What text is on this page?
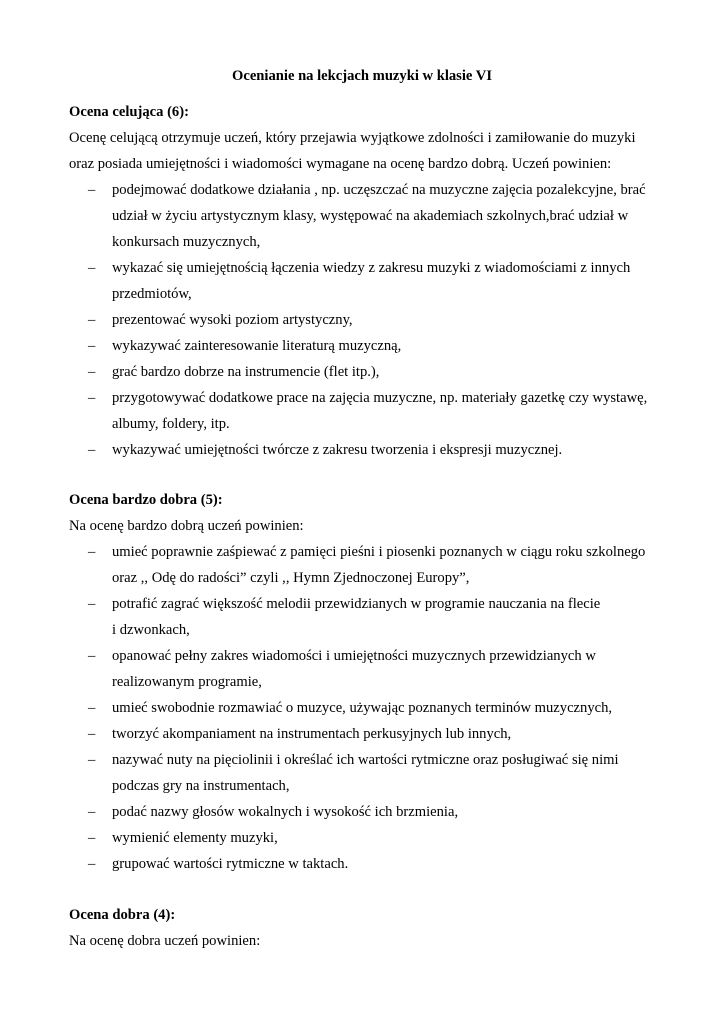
Ocenianie na lekcjach muzyki w klasie VI
Ocena celująca (6):
Ocenę celującą otrzymuje uczeń, który przejawia wyjątkowe zdolności i zamiłowanie do muzyki
oraz posiada umiejętności i wiadomości wymagane na ocenę bardzo dobrą. Uczeń powinien:
– podejmować dodatkowe działania , np. uczęszczać na muzyczne zajęcia pozalekcyjne, brać
udział w życiu artystycznym klasy, występować na akademiach szkolnych,brać udział w
konkursach muzycznych,
– wykazać się umiejętnością łączenia wiedzy z zakresu muzyki z wiadomościami z innych
przedmiotów,
– prezentować wysoki poziom artystyczny,
– wykazywać zainteresowanie literaturą muzyczną,
– grać bardzo dobrze na instrumencie (flet itp.),
– przygotowywać dodatkowe prace na zajęcia muzyczne, np. materiały gazetkę czy wystawę,
albumy, foldery, itp.
– wykazywać umiejętności twórcze z zakresu tworzenia i ekspresji muzycznej.
Ocena bardzo dobra (5):
Na ocenę bardzo dobrą uczeń powinien:
– umieć poprawnie zaśpiewać z pamięci pieśni i piosenki poznanych w ciągu roku szkolnego
oraz ,, Odę do radości” czyli ,, Hymn Zjednoczonej Europy”,
– potrafić zagrać większość melodii przewidzianych w programie nauczania na flecie
i dzwonkach,
– opanować pełny zakres wiadomości i umiejętności muzycznych przewidzianych w
realizowanym programie,
– umieć swobodnie rozmawiać o muzyce, używając poznanych terminów muzycznych,
– tworzyć akompaniament na instrumentach perkusyjnych lub innych,
– nazywać nuty na pięciolinii i określać ich wartości rytmiczne oraz posługiwać się nimi
podczas gry na instrumentach,
– podać nazwy głosów wokalnych i wysokość ich brzmienia,
– wymienić elementy muzyki,
– grupować wartości rytmiczne w taktach.
Ocena dobra (4):
Na ocenę dobra uczeń powinien:
